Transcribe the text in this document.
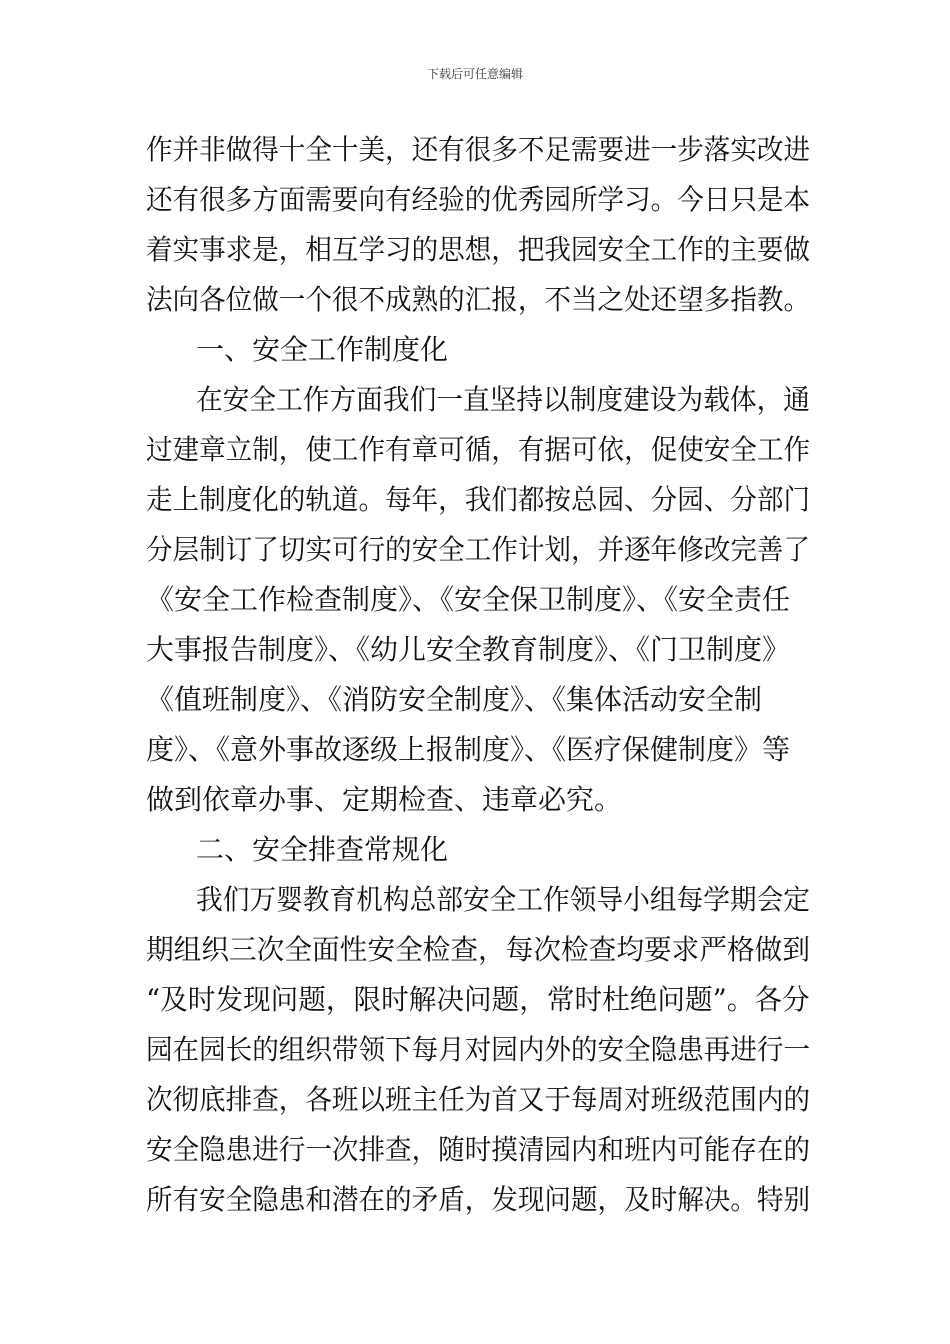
下载后可任意编辑
作并非做得十全十美，还有很多不足需要进一步落实改进
还有很多方面需要向有经验的优秀园所学习。今日只是本
着实事求是，相互学习的思想，把我园安全工作的主要做
法向各位做一个很不成熟的汇报，不当之处还望多指教。
一、安全工作制度化
在安全工作方面我们一直坚持以制度建设为载体，通
过建章立制，使工作有章可循，有据可依，促使安全工作
走上制度化的轨道。每年，我们都按总园、分园、分部门
分层制订了切实可行的安全工作计划，并逐年修改完善了
《安全工作检查制度》、《安全保卫制度》、《安全责任
大事报告制度》、《幼儿安全教育制度》、《门卫制度》
《值班制度》、《消防安全制度》、《集体活动安全制
度》、《意外事故逐级上报制度》、《医疗保健制度》等
做到依章办事、定期检查、违章必究。
二、安全排查常规化
我们万婴教育机构总部安全工作领导小组每学期会定
期组织三次全面性安全检查，每次检查均要求严格做到
“及时发现问题，限时解决问题，常时杜绝问题”。各分
园在园长的组织带领下每月对园内外的安全隐患再进行一
次彻底排查，各班以班主任为首又于每周对班级范围内的
安全隐患进行一次排查，随时摸清园内和班内可能存在的
所有安全隐患和潜在的矛盾，发现问题，及时解决。特别
